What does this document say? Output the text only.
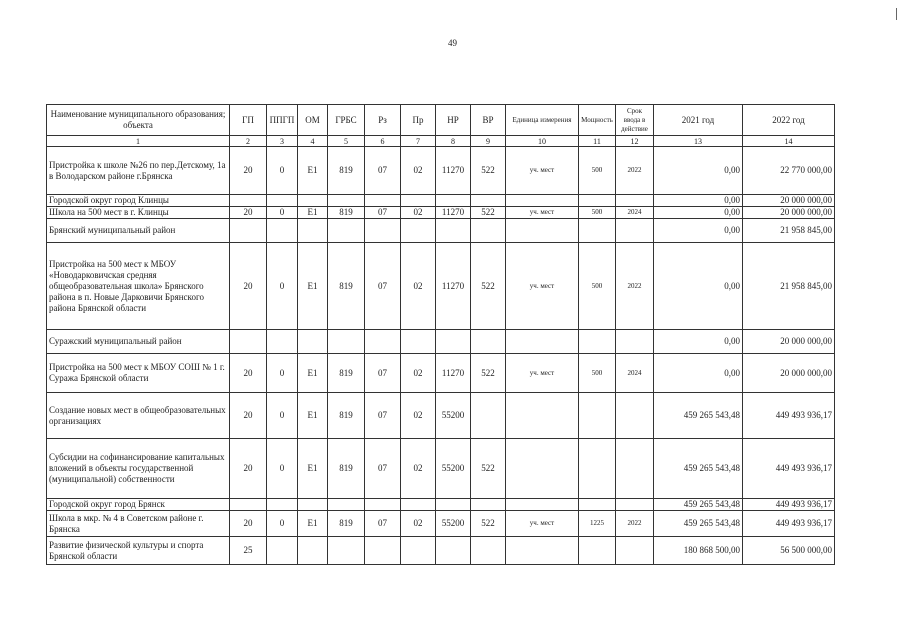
49
Наименование муниципального образования; объекта	ГП	ППГП	ОМ	ГРБС	Рз	Пр	НР	ВР	Единица измерения	Мощность	Срок ввода в действие	2021 год	2022 год
1	2	3	4	5	6	7	8	9	10	11	12	13	14
Пристройка к школе №26 по пер.Детскому, 1а в Володарском районе г.Брянска	20	0	Е1	819	07	02	11270	522	уч. мест	500	2022	0,00	22 770 000,00
Городской округ город Клинцы												0,00	20 000 000,00
Школа на 500 мест в г. Клинцы	20	0	Е1	819	07	02	11270	522	уч. мест	500	2024	0,00	20 000 000,00
Брянский муниципальный район												0,00	21 958 845,00
Пристройка на 500 мест к МБОУ «Новодарковичская средняя общеобразовательная школа» Брянского района в п. Новые Дарковичи Брянского района Брянской области	20	0	Е1	819	07	02	11270	522	уч. мест	500	2022	0,00	21 958 845,00
Суражский муниципальный район												0,00	20 000 000,00
Пристройка на 500 мест к МБОУ СОШ № 1 г. Суража Брянской области	20	0	Е1	819	07	02	11270	522	уч. мест	500	2024	0,00	20 000 000,00
Создание новых мест в общеобразовательных организациях	20	0	Е1	819	07	02	55200					459 265 543,48	449 493 936,17
Субсидии на софинансирование капитальных вложений в объекты государственной (муниципальной) собственности	20	0	Е1	819	07	02	55200	522				459 265 543,48	449 493 936,17
Городской округ город Брянск												459 265 543,48	449 493 936,17
Школа в мкр. № 4 в Советском районе г. Брянска	20	0	Е1	819	07	02	55200	522	уч. мест	1225	2022	459 265 543,48	449 493 936,17
Развитие физической культуры и спорта Брянской области	25											180 868 500,00	56 500 000,00
